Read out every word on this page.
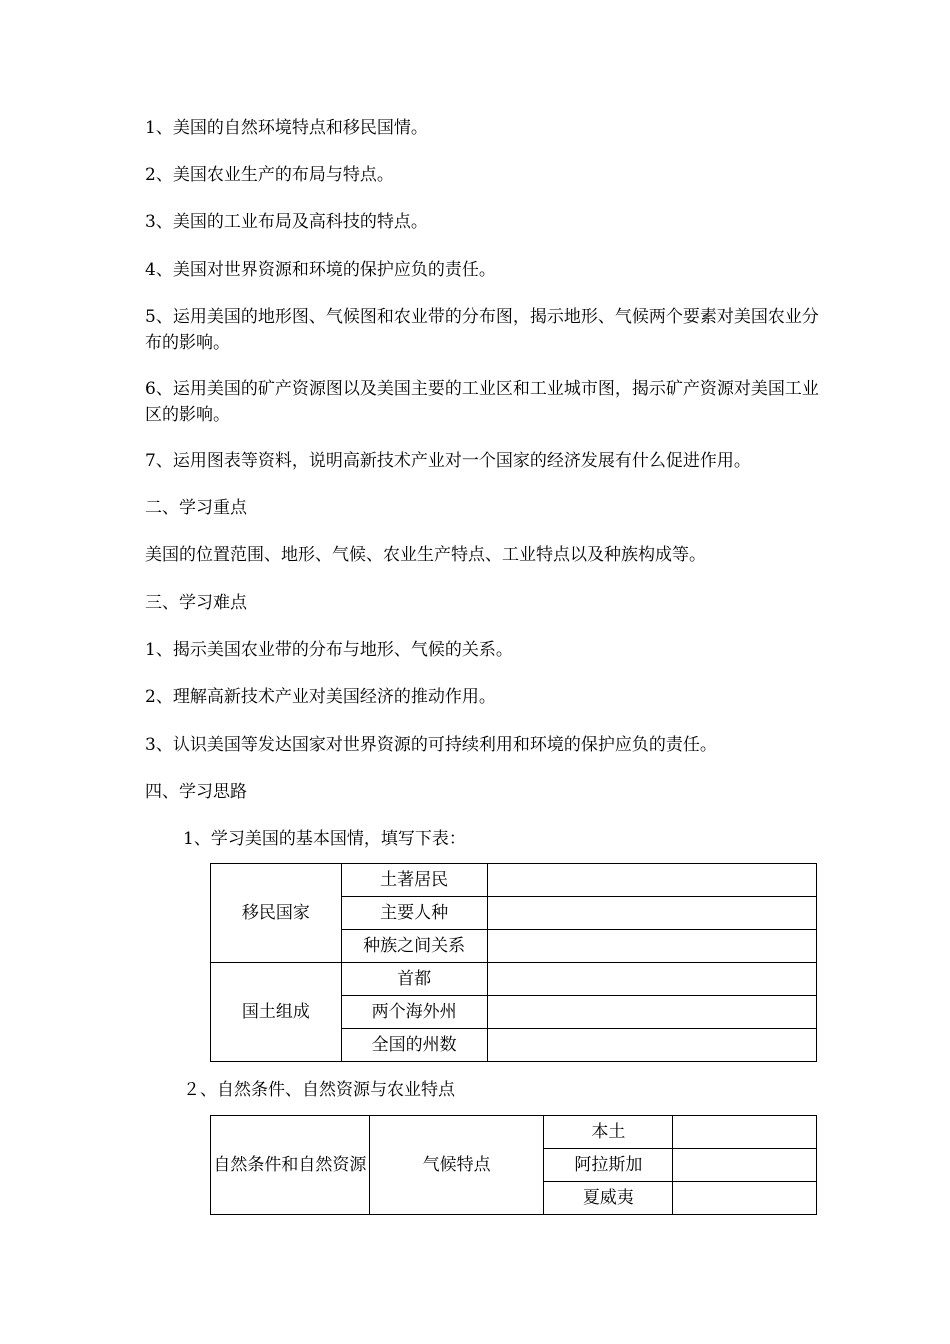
1、美国的自然环境特点和移民国情。
2、美国农业生产的布局与特点。
3、美国的工业布局及高科技的特点。
4、美国对世界资源和环境的保护应负的责任。
5、运用美国的地形图、气候图和农业带的分布图，揭示地形、气候两个要素对美国农业分布的影响。
6、运用美国的矿产资源图以及美国主要的工业区和工业城市图，揭示矿产资源对美国工业区的影响。
7、运用图表等资料，说明高新技术产业对一个国家的经济发展有什么促进作用。
二、学习重点
美国的位置范围、地形、气候、农业生产特点、工业特点以及种族构成等。
三、学习难点
1、揭示美国农业带的分布与地形、气候的关系。
2、理解高新技术产业对美国经济的推动作用。
3、认识美国等发达国家对世界资源的可持续利用和环境的保护应负的责任。
四、学习思路
1、学习美国的基本国情，填写下表：
移民国家	土著居民	
	主要人种	
	种族之间关系	
国土组成	首都	
	两个海外州	
	全国的州数	
２、自然条件、自然资源与农业特点
自然条件和自然资源	气候特点	本土	
		阿拉斯加	
		夏威夷	
